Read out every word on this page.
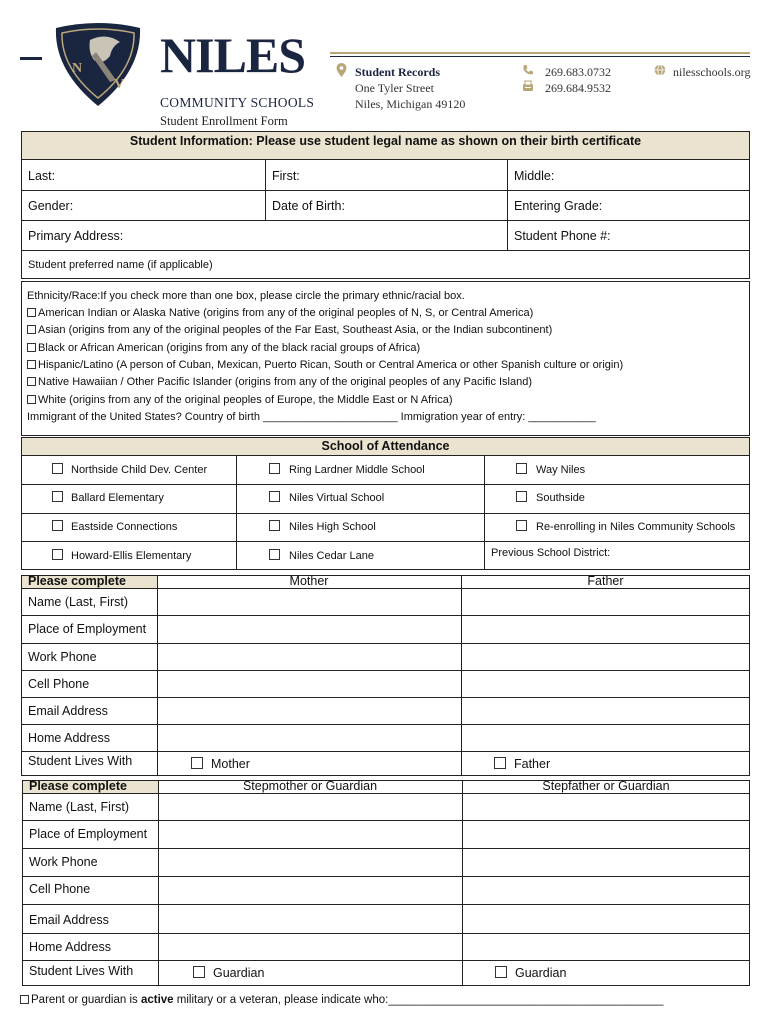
N
V
NILES
COMMUNITY SCHOOLS
Student Enrollment Form
Student Records
One Tyler Street
Niles, Michigan 49120
269.683.0732
269.684.9532
nilesschools.org
Student Information: Please use student legal name as shown on their birth certificate
Last:	First:	Middle:
Gender:	Date of Birth:	Entering Grade:
Primary Address:	Student Phone #:
Student preferred name (if applicable)
Ethnicity/Race:If you check more than one box, please circle the primary ethnic/racial box.
American Indian or Alaska Native (origins from any of the original peoples of N, S, or Central America)
Asian (origins from any of the original peoples of the Far East, Southeast Asia, or the Indian subcontinent)
Black or African American (origins from any of the black racial groups of Africa)
Hispanic/Latino (A person of Cuban, Mexican, Puerto Rican, South or Central America or other Spanish culture or origin)
Native Hawaiian / Other Pacific Islander (origins from any of the original peoples of any Pacific Island)
White (origins from any of the original peoples of Europe, the Middle East or N Africa)
Immigrant of the United States? Country of birth ______________________ Immigration year of entry: ___________
School of Attendance
Northside Child Dev. Center
Ballard Elementary
Eastside Connections
Howard-Ellis Elementary
Ring Lardner Middle School
Niles Virtual School
Niles High School
Niles Cedar Lane
Way Niles
Southside
Re-enrolling in Niles Community Schools
Previous School District:
Please complete	Mother	Father
Name (Last, First)
Place of Employment
Work Phone
Cell Phone
Email Address
Home Address
Student Lives With	Mother	Father
Please complete	Stepmother or Guardian	Stepfather or Guardian
Name (Last, First)
Place of Employment
Work Phone
Cell Phone
Email Address
Home Address
Student Lives With	Guardian	Guardian
Parent or guardian is active military or a veteran, please indicate who:___________________________________________
